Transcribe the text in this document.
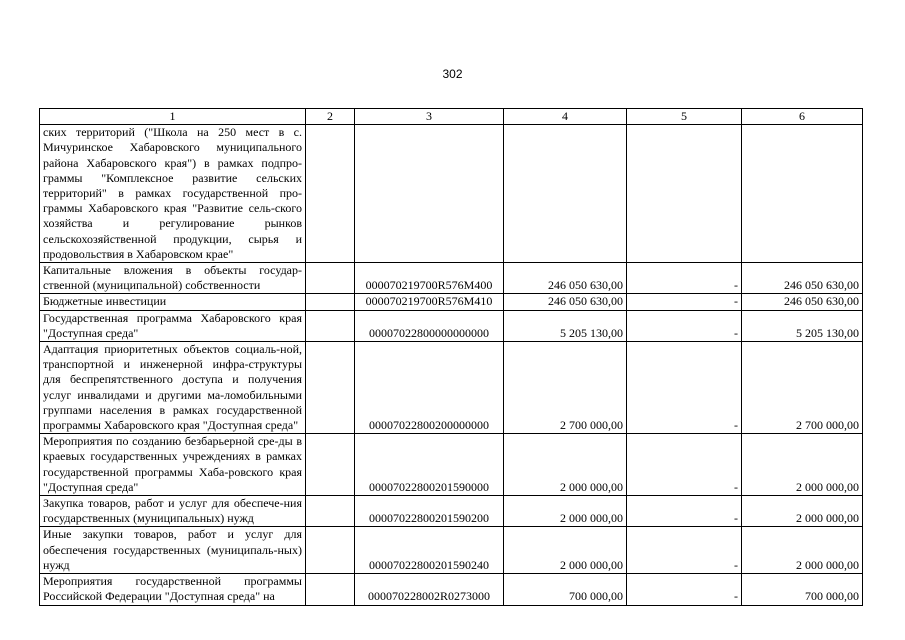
302
1	2	3	4	5	6
ских территорий ("Школа на 250 мест в с. Мичуринское Хабаровского муниципального района Хабаровского края") в рамках подпро-граммы "Комплексное развитие сельских территорий" в рамках государственной про-граммы Хабаровского края "Развитие сель-ского хозяйства и регулирование рынков сельскохозяйственной продукции, сырья и продовольствия в Хабаровском крае"					
Капитальные вложения в объекты государ-ственной (муниципальной) собственности		000070219700R576M400	246 050 630,00	-	246 050 630,00
Бюджетные инвестиции		000070219700R576M410	246 050 630,00	-	246 050 630,00
Государственная программа Хабаровского края "Доступная среда"		00007022800000000000	5 205 130,00	-	5 205 130,00
Адаптация приоритетных объектов социаль-ной, транспортной и инженерной инфра-структуры для беспрепятственного доступа и получения услуг инвалидами и другими ма-ломобильными группами населения в рамках государственной программы Хабаровского края "Доступная среда"		00007022800200000000	2 700 000,00	-	2 700 000,00
Мероприятия по созданию безбарьерной сре-ды в краевых государственных учреждениях в рамках государственной программы Хаба-ровского края "Доступная среда"		00007022800201590000	2 000 000,00	-	2 000 000,00
Закупка товаров, работ и услуг для обеспече-ния государственных (муниципальных) нужд		00007022800201590200	2 000 000,00	-	2 000 000,00
Иные закупки товаров, работ и услуг для обеспечения государственных (муниципаль-ных) нужд		00007022800201590240	2 000 000,00	-	2 000 000,00
Мероприятия государственной программы Российской Федерации "Доступная среда" на		000070228002R0273000	700 000,00	-	700 000,00
